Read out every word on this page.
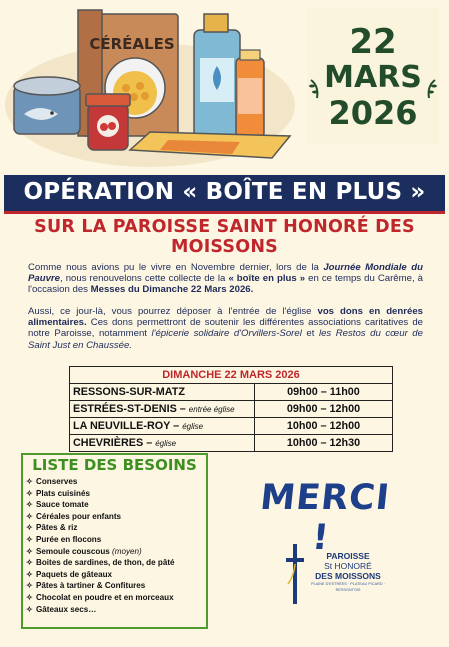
CÉRÉALES	22
MARS
2026
OPÉRATION « BOÎTE EN PLUS »
SUR LA PAROISSE SAINT HONORÉ DES MOISSONS
Comme nous avions pu le vivre en Novembre dernier, lors de la Journée Mondiale du Pauvre, nous renouvelons cette collecte de la « boîte en plus » en ce temps du Carême, à l'occasion des Messes du Dimanche 22 Mars 2026.
Aussi, ce jour-là, vous pourrez déposer à l'entrée de l'église vos dons en denrées alimentaires. Ces dons permettront de soutenir les différentes associations caritatives de notre Paroisse, notamment l'épicerie solidaire d'Orvillers-Sorel et les Restos du cœur de Saint Just en Chaussée.
DIMANCHE 22 MARS 2026	
RESSONS-SUR-MATZ	09h00 – 11h00
ESTRÉES-ST-DENIS – entrée église	09h00 – 12h00
LA NEUVILLE-ROY – église	10h00 – 12h00
CHEVRIÈRES – église	10h00 – 12h30
LISTE DES BESOINS
✧ Conserves
✧ Plats cuisinés
✧ Sauce tomate
✧ Céréales pour enfants
✧ Pâtes & riz
✧ Purée en flocons
✧ Semoule couscous (moyen)
✧ Boites de sardines, de thon, de pâté
✧ Paquets de gâteaux
✧ Pâtes à tartiner & Confitures
✧ Chocolat en poudre et en morceaux
✧ Gâteaux secs…
MERCI !
PAROISSE
St HONORÉ
DES MOISSONS
PLAINE D'ESTRÉES · PLATEAU PICARD · RESSONTOIS
